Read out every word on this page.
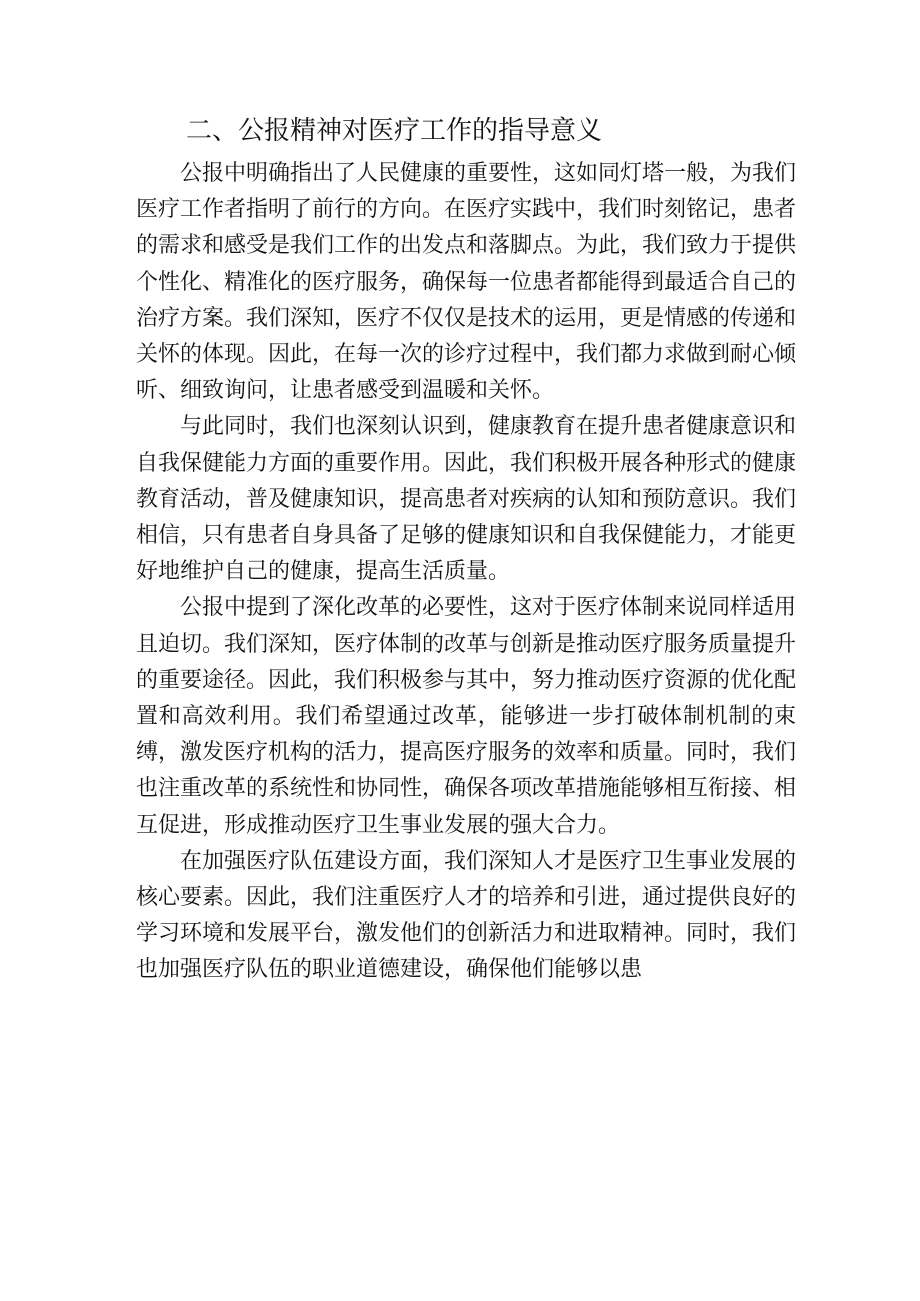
二、公报精神对医疗工作的指导意义

公报中明确指出了人民健康的重要性，这如同灯塔一般，为我们医疗工作者指明了前行的方向。在医疗实践中，我们时刻铭记，患者的需求和感受是我们工作的出发点和落脚点。为此，我们致力于提供个性化、精准化的医疗服务，确保每一位患者都能得到最适合自己的治疗方案。我们深知，医疗不仅仅是技术的运用，更是情感的传递和关怀的体现。因此，在每一次的诊疗过程中，我们都力求做到耐心倾听、细致询问，让患者感受到温暖和关怀。

与此同时，我们也深刻认识到，健康教育在提升患者健康意识和自我保健能力方面的重要作用。因此，我们积极开展各种形式的健康教育活动，普及健康知识，提高患者对疾病的认知和预防意识。我们相信，只有患者自身具备了足够的健康知识和自我保健能力，才能更好地维护自己的健康，提高生活质量。

公报中提到了深化改革的必要性，这对于医疗体制来说同样适用且迫切。我们深知，医疗体制的改革与创新是推动医疗服务质量提升的重要途径。因此，我们积极参与其中，努力推动医疗资源的优化配置和高效利用。我们希望通过改革，能够进一步打破体制机制的束缚，激发医疗机构的活力，提高医疗服务的效率和质量。同时，我们也注重改革的系统性和协同性，确保各项改革措施能够相互衔接、相互促进，形成推动医疗卫生事业发展的强大合力。

在加强医疗队伍建设方面，我们深知人才是医疗卫生事业发展的核心要素。因此，我们注重医疗人才的培养和引进，通过提供良好的学习环境和发展平台，激发他们的创新活力和进取精神。同时，我们也加强医疗队伍的职业道德建设，确保他们能够以患
